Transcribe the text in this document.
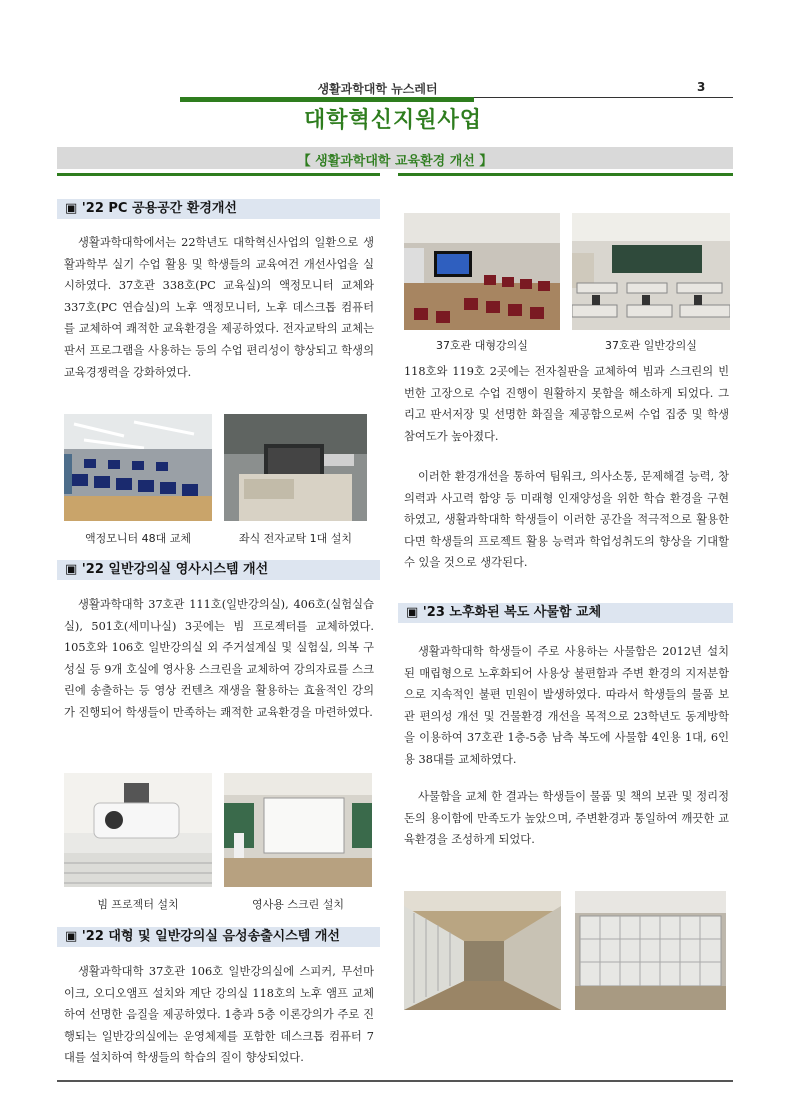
생활과학대학 뉴스레터	3
대학혁신지원사업
【 생활과학대학 교육환경 개선 】
▣ '22 PC 공용공간 환경개선
생활과학대학에서는 22학년도 대학혁신사업의 일환으로 생활과학부 실기 수업 활용 및 학생들의 교육여건 개선사업을 실시하였다. 37호관 338호(PC 교육실)의 액정모니터 교체와 337호(PC 연습실)의 노후 액정모니터, 노후 데스크톱 컴퓨터를 교체하여 쾌적한 교육환경을 제공하였다. 전자교탁의 교체는 판서 프로그램을 사용하는 등의 수업 편리성이 향상되고 학생의 교육경쟁력을 강화하였다.
액정모니터 48대 교체	좌식 전자교탁 1대 설치
▣ '22 일반강의실 영사시스템 개선
생활과학대학 37호관 111호(일반강의실), 406호(실험실습실), 501호(세미나실) 3곳에는 빔 프로젝터를 교체하였다. 105호와 106호 일반강의실 외 주거설계실 및 실험실, 의복 구성실 등 9개 호실에 영사용 스크린을 교체하여 강의자료를 스크린에 송출하는 등 영상 컨텐츠 재생을 활용하는 효율적인 강의가 진행되어 학생들이 만족하는 쾌적한 교육환경을 마련하였다.
빔 프로젝터 설치	영사용 스크린 설치
▣ '22 대형 및 일반강의실 음성송출시스템 개선
생활과학대학 37호관 106호 일반강의실에 스피커, 무선마이크, 오디오앰프 설치와 계단 강의실 118호의 노후 앰프 교체하여 선명한 음질을 제공하였다. 1층과 5층 이론강의가 주로 진행되는 일반강의실에는 운영체제를 포함한 데스크톱 컴퓨터 7대를 설치하여 학생들의 학습의 질이 향상되었다.
37호관 대형강의실	37호관 일반강의실
118호와 119호 2곳에는 전자칠판을 교체하여 빔과 스크린의 빈번한 고장으로 수업 진행이 원활하지 못함을 해소하게 되었다. 그리고 판서저장 및 선명한 화질을 제공함으로써 수업 집중 및 학생 참여도가 높아졌다.
이러한 환경개선을 통하여 팀워크, 의사소통, 문제해결 능력, 창의력과 사고력 함양 등 미래형 인재양성을 위한 학습 환경을 구현하였고, 생활과학대학 학생들이 이러한 공간을 적극적으로 활용한다면 학생들의 프로젝트 활용 능력과 학업성취도의 향상을 기대할 수 있을 것으로 생각된다.
▣ '23 노후화된 복도 사물함 교체
생활과학대학 학생들이 주로 사용하는 사물함은 2012년 설치된 매립형으로 노후화되어 사용상 불편함과 주변 환경의 지저분함으로 지속적인 불편 민원이 발생하였다. 따라서 학생들의 물품 보관 편의성 개선 및 건물환경 개선을 목적으로 23학년도 동계방학을 이용하여 37호관 1층-5층 남측 복도에 사물함 4인용 1대, 6인용 38대를 교체하였다.
사물함을 교체 한 결과는 학생들이 물품 및 책의 보관 및 정리정돈의 용이함에 만족도가 높았으며, 주변환경과 통일하여 깨끗한 교육환경을 조성하게 되었다.
